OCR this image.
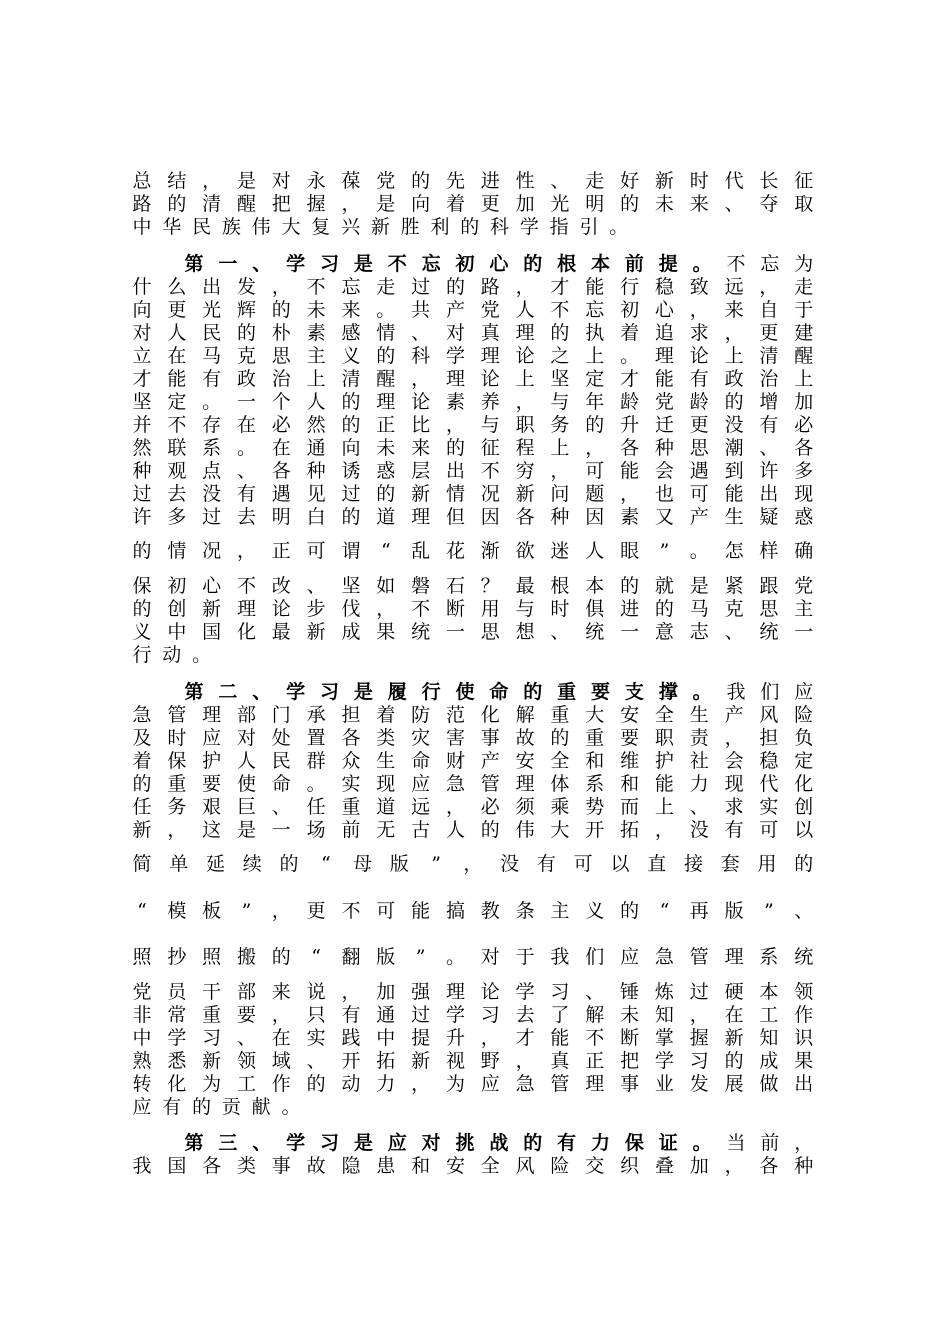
总 结 ， 是 对 永 葆 党 的 先 进 性 、 走 好 新 时 代 长 征
路 的 清 醒 把 握 ， 是 向 着 更 加 光 明 的 未 来 、 夺 取
中 华 民 族 伟 大 复 兴 新 胜 利 的 科 学 指 引 。
第 一 、 学 习 是 不 忘 初 心 的 根 本 前 提 。 不 忘 为
什 么 出 发 ， 不 忘 走 过 的 路 ， 才 能 行 稳 致 远 ， 走
向 更 光 辉 的 未 来 。 共 产 党 人 不 忘 初 心 ， 来 自 于
对 人 民 的 朴 素 感 情 、 对 真 理 的 执 着 追 求 ， 更 建
立 在 马 克 思 主 义 的 科 学 理 论 之 上 。 理 论 上 清 醒
才 能 有 政 治 上 清 醒 ， 理 论 上 坚 定 才 能 有 政 治 上
坚 定 。 一 个 人 的 理 论 素 养 ， 与 年 龄 党 龄 的 增 加
并 不 存 在 必 然 的 正 比 ， 与 职 务 的 升 迁 更 没 有 必
然 联 系 。 在 通 向 未 来 的 征 程 上 ， 各 种 思 潮 、 各
种 观 点 、 各 种 诱 惑 层 出 不 穷 ， 可 能 会 遇 到 许 多
过 去 没 有 遇 见 过 的 新 情 况 新 问 题 ， 也 可 能 出 现
许 多 过 去 明 白 的 道 理 但 因 各 种 因 素 又 产 生 疑 惑
的 情 况 ， 正 可 谓	“	乱 花 渐 欲 迷 人 眼	”	。 怎 样 确
保 初 心 不 改 、 坚 如 磐 石 ？ 最 根 本 的 就 是 紧 跟 党
的 创 新 理 论 步 伐 ， 不 断 用 与 时 俱 进 的 马 克 思 主
义 中 国 化 最 新 成 果 统 一 思 想 、 统 一 意 志 、 统 一
行 动 。
第 二 、 学 习 是 履 行 使 命 的 重 要 支 撑 。 我 们 应
急 管 理 部 门 承 担 着 防 范 化 解 重 大 安 全 生 产 风 险
及 时 应 对 处 置 各 类 灾 害 事 故 的 重 要 职 责 ， 担 负
着 保 护 人 民 群 众 生 命 财 产 安 全 和 维 护 社 会 稳 定
的 重 要 使 命 。 实 现 应 急 管 理 体 系 和 能 力 现 代 化
任 务 艰 巨 、 任 重 道 远 ， 必 须 乘 势 而 上 、 求 实 创
新 ， 这 是 一 场 前 无 古 人 的 伟 大 开 拓 ， 没 有 可 以
简 单 延 续 的	“	母 版	”	， 没 有 可 以 直 接 套 用 的
“	模 板	”	， 更 不 可 能 搞 教 条 主 义 的	“	再 版	”	、
照 抄 照 搬 的	“	翻 版	”	。 对 于 我 们 应 急 管 理 系 统
党 员 干 部 来 说 ， 加 强 理 论 学 习 、 锤 炼 过 硬 本 领
非 常 重 要 ， 只 有 通 过 学 习 去 了 解 未 知 ， 在 工 作
中 学 习 、 在 实 践 中 提 升 ， 才 能 不 断 掌 握 新 知 识
熟 悉 新 领 域 、 开 拓 新 视 野 ， 真 正 把 学 习 的 成 果
转 化 为 工 作 的 动 力 ， 为 应 急 管 理 事 业 发 展 做 出
应 有 的 贡 献 。
第 三 、 学 习 是 应 对 挑 战 的 有 力 保 证 。 当 前 ，
我 国 各 类 事 故 隐 患 和 安 全 风 险 交 织 叠 加 ， 各 种
